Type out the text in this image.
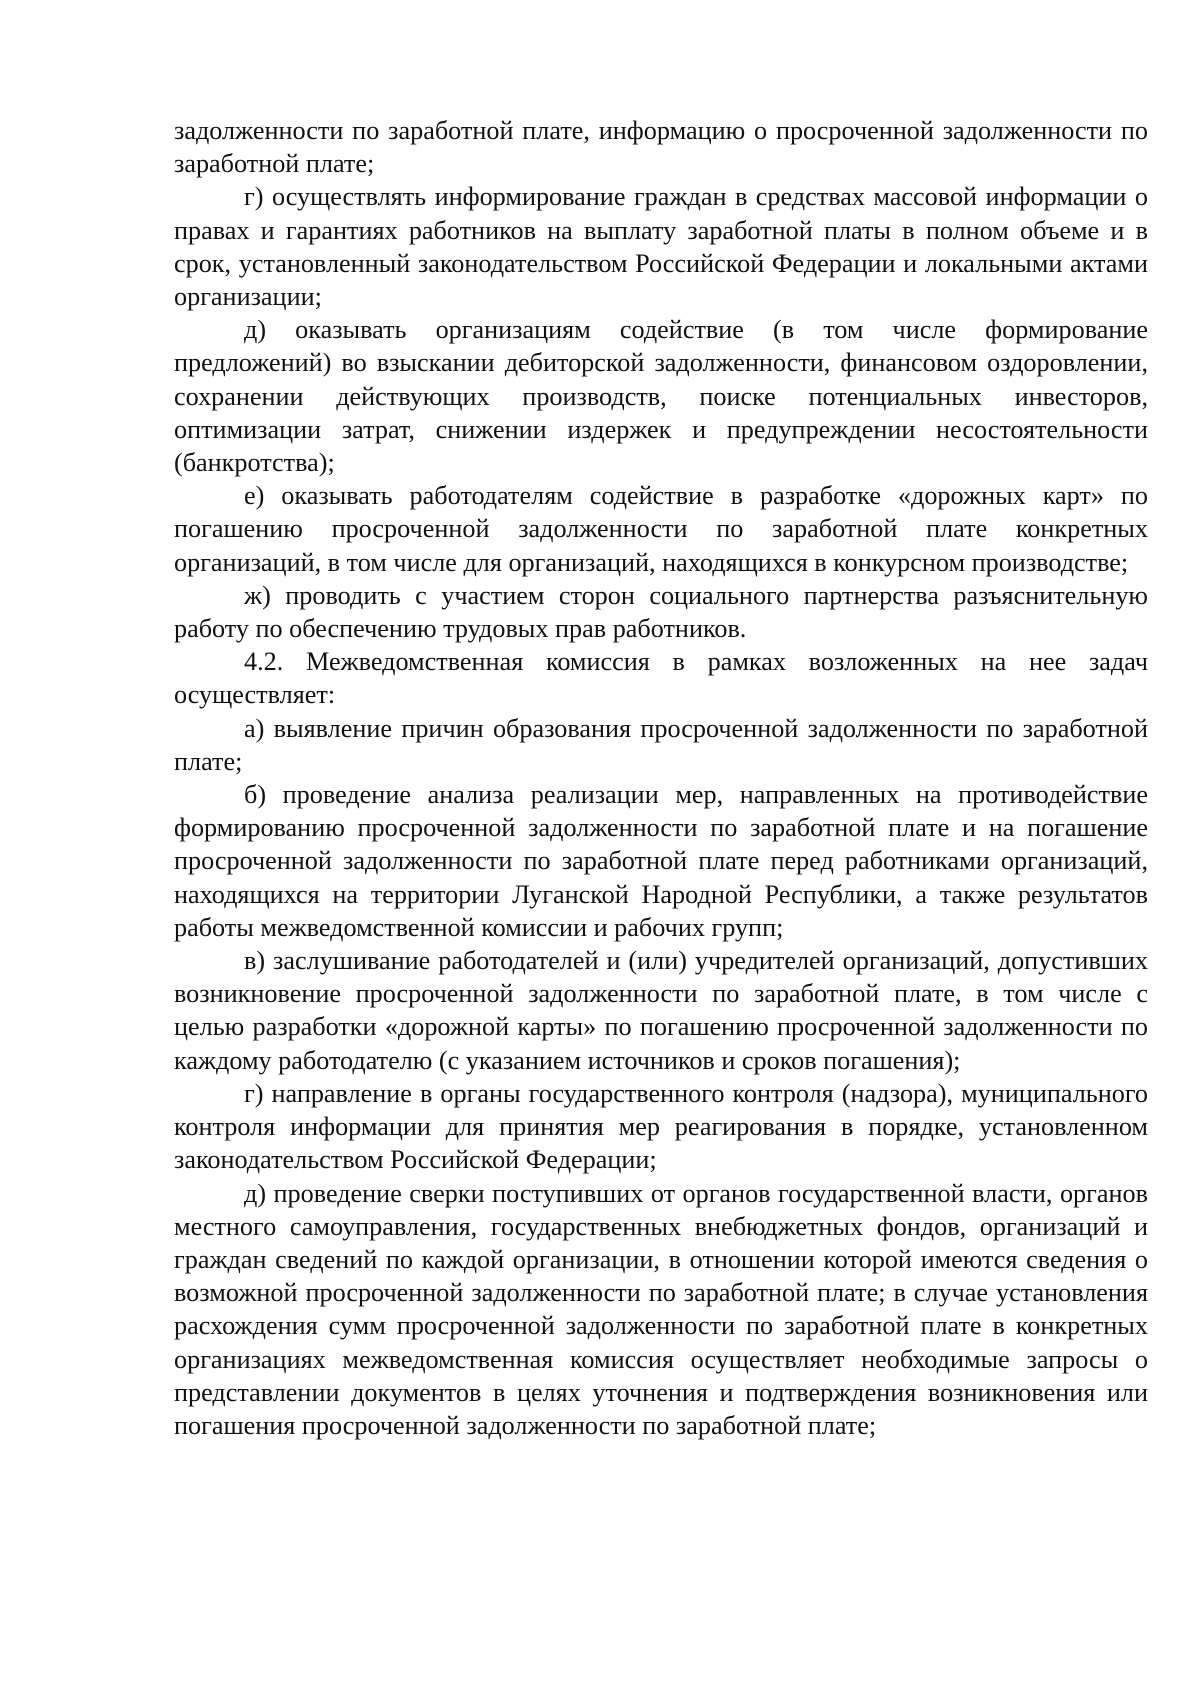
задолженности по заработной плате, информацию о просроченной задолженности по заработной плате;

г) осуществлять информирование граждан в средствах массовой информации о правах и гарантиях работников на выплату заработной платы в полном объеме и в срок, установленный законодательством Российской Федерации и локальными актами организации;

д) оказывать организациям содействие (в том числе формирование предложений) во взыскании дебиторской задолженности, финансовом оздоровлении, сохранении действующих производств, поиске потенциальных инвесторов, оптимизации затрат, снижении издержек и предупреждении несостоятельности (банкротства);

е) оказывать работодателям содействие в разработке «дорожных карт» по погашению просроченной задолженности по заработной плате конкретных организаций, в том числе для организаций, находящихся в конкурсном производстве;

ж) проводить с участием сторон социального партнерства разъяснительную работу по обеспечению трудовых прав работников.

4.2. Межведомственная комиссия в рамках возложенных на нее задач осуществляет:

а) выявление причин образования просроченной задолженности по заработной плате;

б) проведение анализа реализации мер, направленных на противодействие формированию просроченной задолженности по заработной плате и на погашение просроченной задолженности по заработной плате перед работниками организаций, находящихся на территории Луганской Народной Республики, а также результатов работы межведомственной комиссии и рабочих групп;

в) заслушивание работодателей и (или) учредителей организаций, допустивших возникновение просроченной задолженности по заработной плате, в том числе с целью разработки «дорожной карты» по погашению просроченной задолженности по каждому работодателю (с указанием источников и сроков погашения);

г) направление в органы государственного контроля (надзора), муниципального контроля информации для принятия мер реагирования в порядке, установленном законодательством Российской Федерации;

д) проведение сверки поступивших от органов государственной власти, органов местного самоуправления, государственных внебюджетных фондов, организаций и граждан сведений по каждой организации, в отношении которой имеются сведения о возможной просроченной задолженности по заработной плате; в случае установления расхождения сумм просроченной задолженности по заработной плате в конкретных организациях межведомственная комиссия осуществляет необходимые запросы о представлении документов в целях уточнения и подтверждения возникновения или погашения просроченной задолженности по заработной плате;
